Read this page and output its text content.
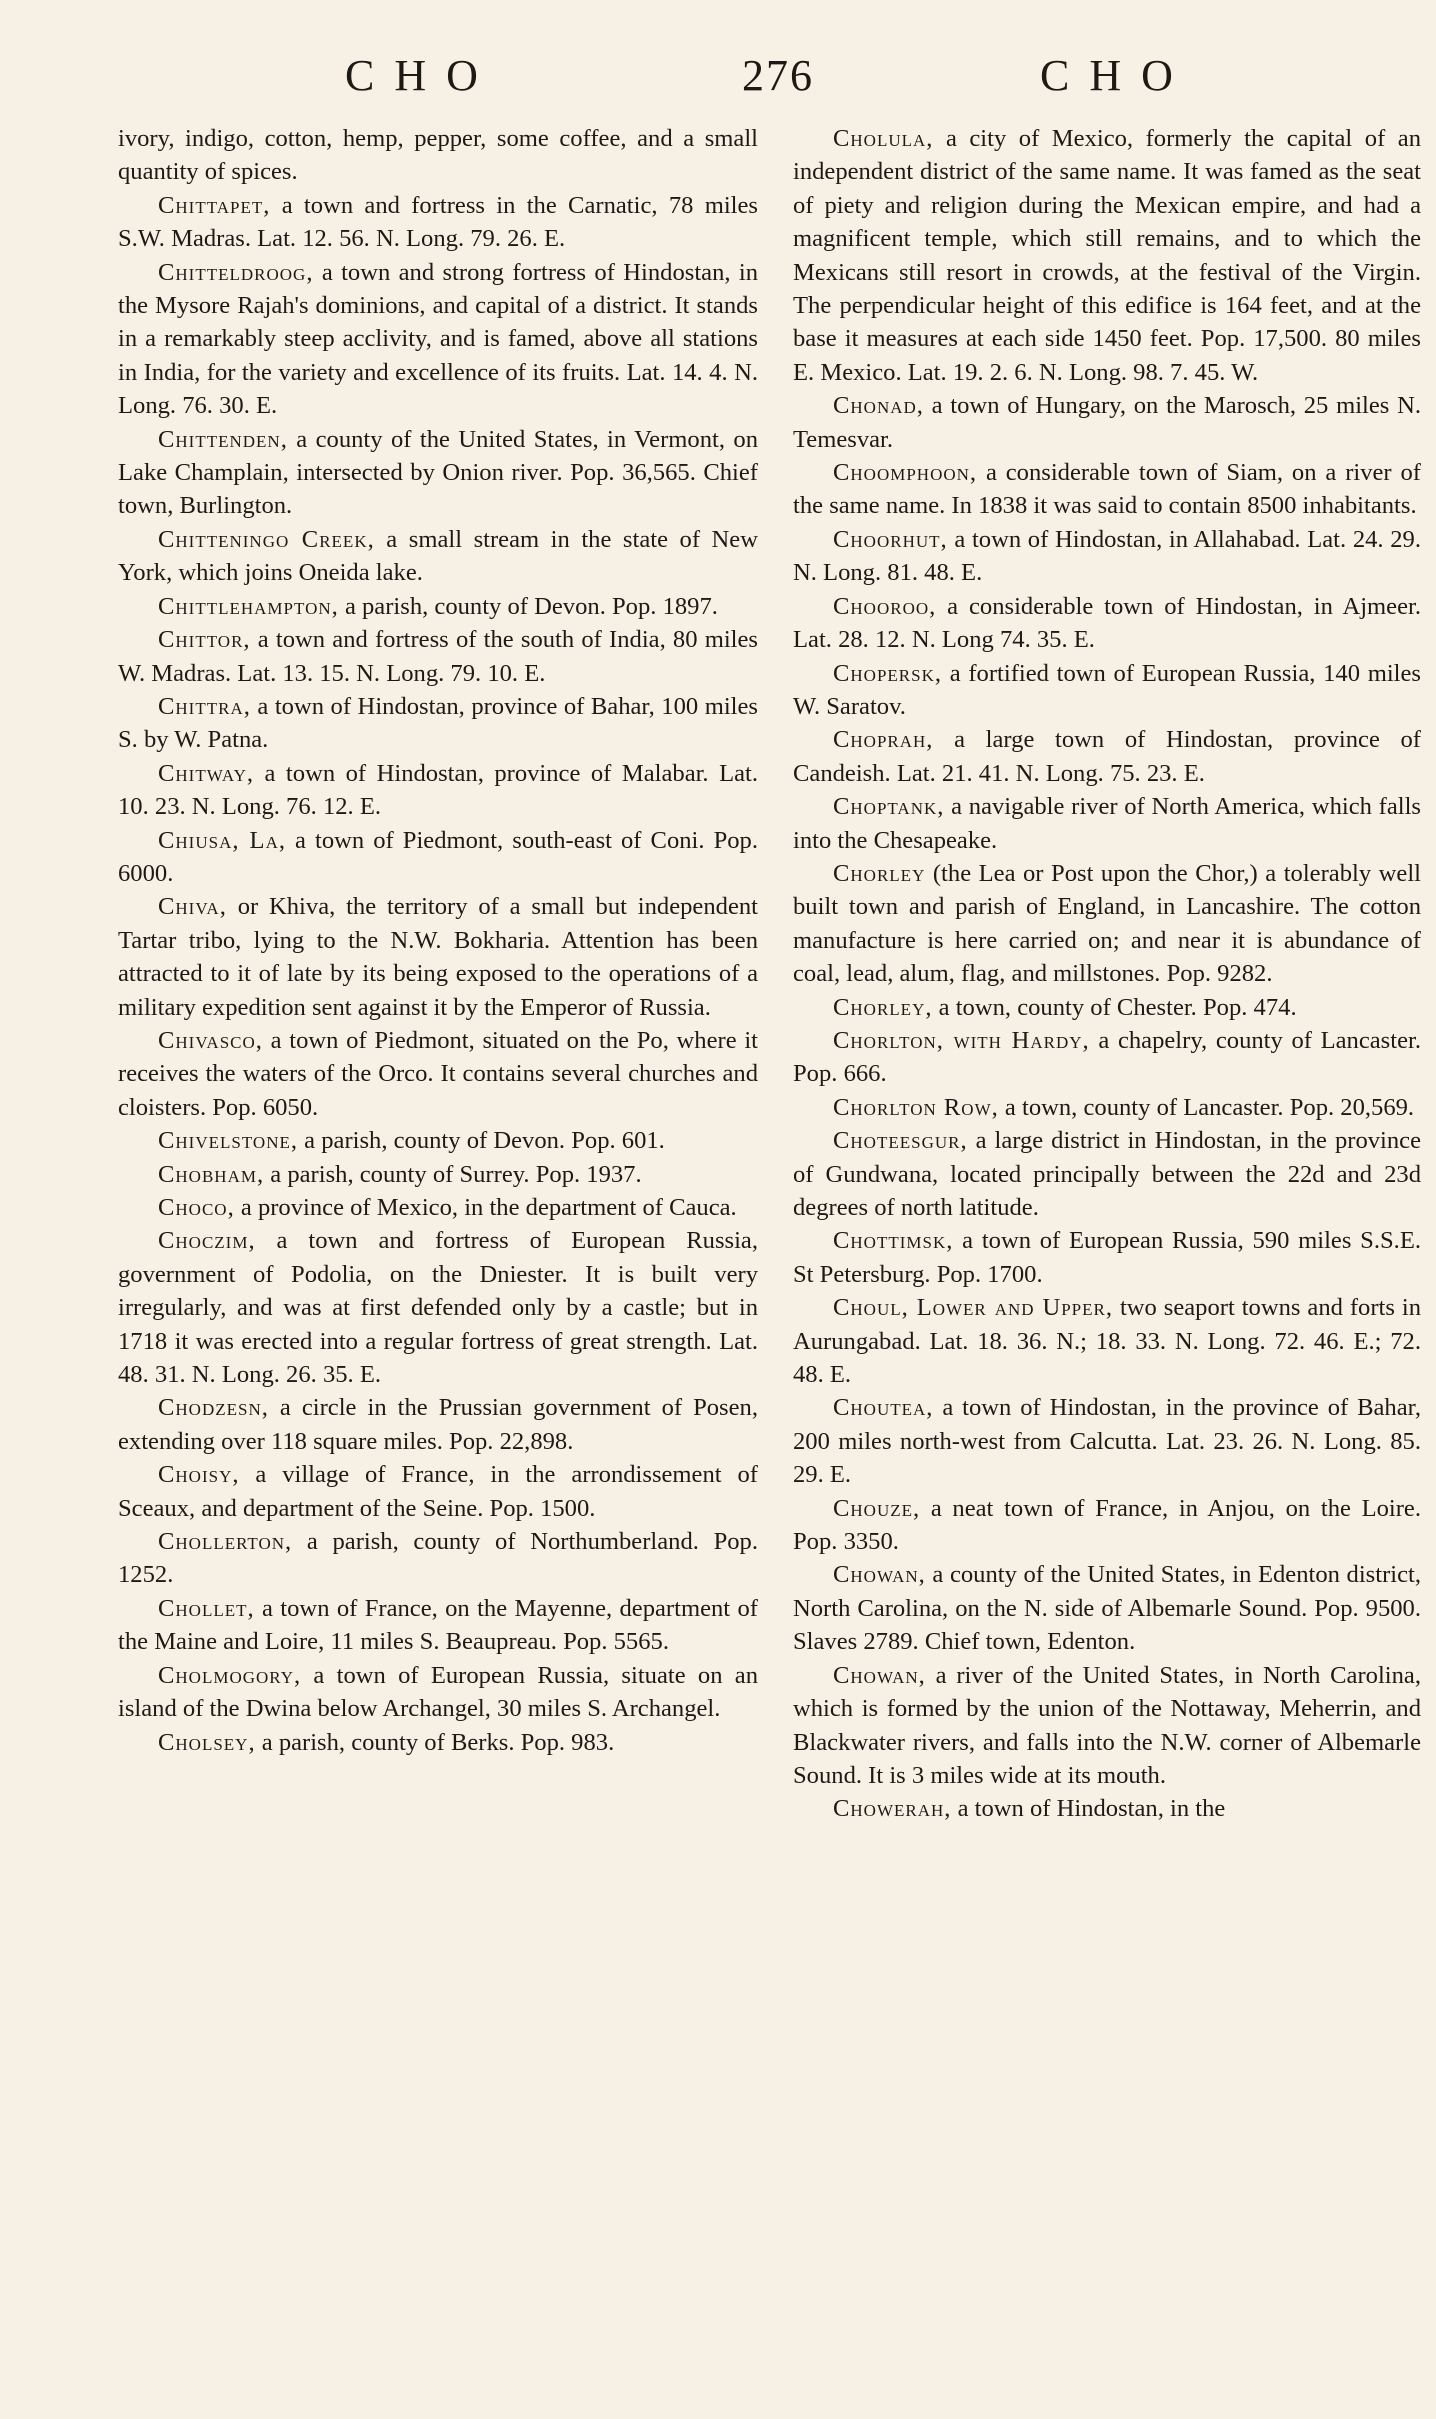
CHO	276	CHO

ivory, indigo, cotton, hemp, pepper, some coffee, and a small quantity of spices.

Chittapet, a town and fortress in the Carnatic, 78 miles S.W. Madras. Lat. 12. 56. N. Long. 79. 26. E.

Chitteldroog, a town and strong fortress of Hindostan, in the Mysore Rajah's dominions, and capital of a district. It stands in a remarkably steep acclivity, and is famed, above all stations in India, for the variety and excellence of its fruits. Lat. 14. 4. N. Long. 76. 30. E.

Chittenden, a county of the United States, in Vermont, on Lake Champlain, intersected by Onion river. Pop. 36,565. Chief town, Burlington.

Chitteningo Creek, a small stream in the state of New York, which joins Oneida lake.

Chittlehampton, a parish, county of Devon. Pop. 1897.

Chittor, a town and fortress of the south of India, 80 miles W. Madras. Lat. 13. 15. N. Long. 79. 10. E.

Chittra, a town of Hindostan, province of Bahar, 100 miles S. by W. Patna.

Chitway, a town of Hindostan, province of Malabar. Lat. 10. 23. N. Long. 76. 12. E.

Chiusa, La, a town of Piedmont, south-east of Coni. Pop. 6000.

Chiva, or Khiva, the territory of a small but independent Tartar tribo, lying to the N.W. Bokharia. Attention has been attracted to it of late by its being exposed to the operations of a military expedition sent against it by the Emperor of Russia.

Chivasco, a town of Piedmont, situated on the Po, where it receives the waters of the Orco. It contains several churches and cloisters. Pop. 6050.

Chivelstone, a parish, county of Devon. Pop. 601.

Chobham, a parish, county of Surrey. Pop. 1937.

Choco, a province of Mexico, in the department of Cauca.

Choczim, a town and fortress of European Russia, government of Podolia, on the Dniester. It is built very irregularly, and was at first defended only by a castle; but in 1718 it was erected into a regular fortress of great strength. Lat. 48. 31. N. Long. 26. 35. E.

Chodzesn, a circle in the Prussian government of Posen, extending over 118 square miles. Pop. 22,898.

Choisy, a village of France, in the arrondissement of Sceaux, and department of the Seine. Pop. 1500.

Chollerton, a parish, county of Northumberland. Pop. 1252.

Chollet, a town of France, on the Mayenne, department of the Maine and Loire, 11 miles S. Beaupreau. Pop. 5565.

Cholmogory, a town of European Russia, situate on an island of the Dwina below Archangel, 30 miles S. Archangel.

Cholsey, a parish, county of Berks. Pop. 983.

Cholula, a city of Mexico, formerly the capital of an independent district of the same name. It was famed as the seat of piety and religion during the Mexican empire, and had a magnificent temple, which still remains, and to which the Mexicans still resort in crowds, at the festival of the Virgin. The perpendicular height of this edifice is 164 feet, and at the base it measures at each side 1450 feet. Pop. 17,500. 80 miles E. Mexico. Lat. 19. 2. 6. N. Long. 98. 7. 45. W.

Chonad, a town of Hungary, on the Marosch, 25 miles N. Temesvar.

Choomphoon, a considerable town of Siam, on a river of the same name. In 1838 it was said to contain 8500 inhabitants.

Choorhut, a town of Hindostan, in Allahabad. Lat. 24. 29. N. Long. 81. 48. E.

Chooroo, a considerable town of Hindostan, in Ajmeer. Lat. 28. 12. N. Long 74. 35. E.

Chopersk, a fortified town of European Russia, 140 miles W. Saratov.

Choprah, a large town of Hindostan, province of Candeish. Lat. 21. 41. N. Long. 75. 23. E.

Choptank, a navigable river of North America, which falls into the Chesapeake.

Chorley (the Lea or Post upon the Chor,) a tolerably well built town and parish of England, in Lancashire. The cotton manufacture is here carried on; and near it is abundance of coal, lead, alum, flag, and millstones. Pop. 9282.

Chorley, a town, county of Chester. Pop. 474.

Chorlton, with Hardy, a chapelry, county of Lancaster. Pop. 666.

Chorlton Row, a town, county of Lancaster. Pop. 20,569.

Choteesgur, a large district in Hindostan, in the province of Gundwana, located principally between the 22d and 23d degrees of north latitude.

Chottimsk, a town of European Russia, 590 miles S.S.E. St Petersburg. Pop. 1700.

Choul, Lower and Upper, two seaport towns and forts in Aurungabad. Lat. 18. 36. N.; 18. 33. N. Long. 72. 46. E.; 72. 48. E.

Choutea, a town of Hindostan, in the province of Bahar, 200 miles north-west from Calcutta. Lat. 23. 26. N. Long. 85. 29. E.

Chouze, a neat town of France, in Anjou, on the Loire. Pop. 3350.

Chowan, a county of the United States, in Edenton district, North Carolina, on the N. side of Albemarle Sound. Pop. 9500. Slaves 2789. Chief town, Edenton.

Chowan, a river of the United States, in North Carolina, which is formed by the union of the Nottaway, Meherrin, and Blackwater rivers, and falls into the N.W. corner of Albemarle Sound. It is 3 miles wide at its mouth.

Chowerah, a town of Hindostan, in the
